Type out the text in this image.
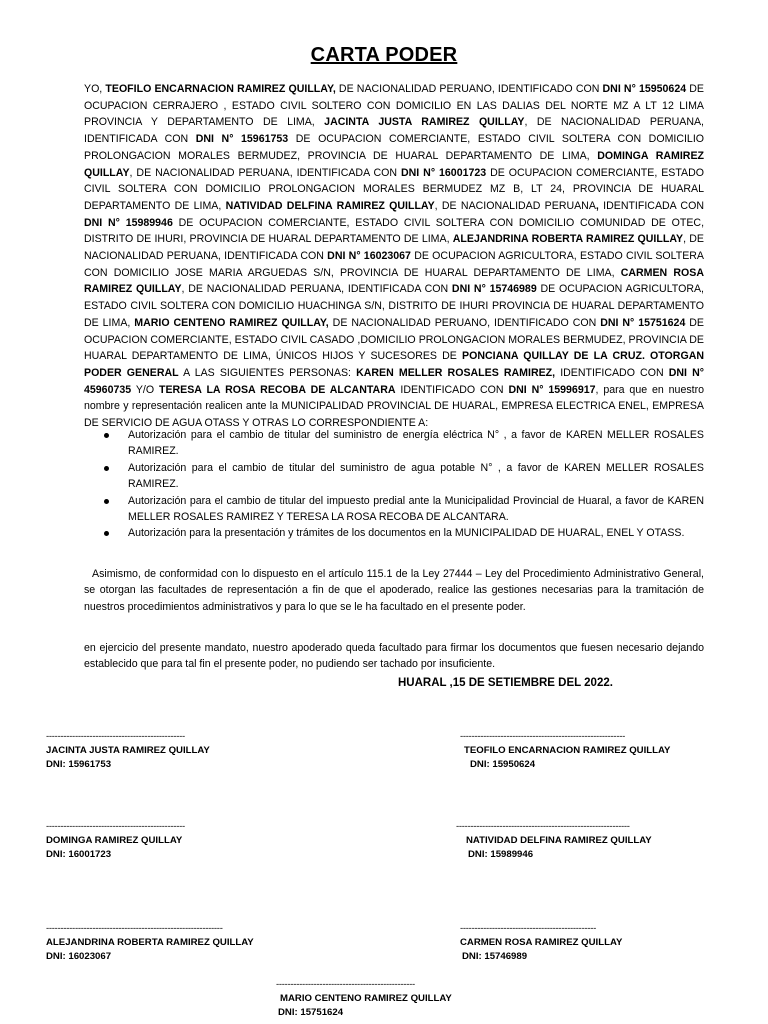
CARTA PODER

YO, TEOFILO ENCARNACION RAMIREZ QUILLAY, DE NACIONALIDAD PERUANO, IDENTIFICADO CON DNI N° 15950624 DE OCUPACION CERRAJERO , ESTADO CIVIL SOLTERO CON DOMICILIO EN LAS DALIAS DEL NORTE MZ A LT 12 LIMA PROVINCIA Y DEPARTAMENTO DE LIMA, JACINTA JUSTA RAMIREZ QUILLAY, DE NACIONALIDAD PERUANA, IDENTIFICADA CON DNI N° 15961753 DE OCUPACION COMERCIANTE, ESTADO CIVIL SOLTERA CON DOMICILIO PROLONGACION MORALES BERMUDEZ, PROVINCIA DE HUARAL DEPARTAMENTO DE LIMA, DOMINGA RAMIREZ QUILLAY, DE NACIONALIDAD PERUANA, IDENTIFICADA CON DNI N° 16001723 DE OCUPACION COMERCIANTE, ESTADO CIVIL SOLTERA CON DOMICILIO PROLONGACION MORALES BERMUDEZ MZ B, LT 24, PROVINCIA DE HUARAL DEPARTAMENTO DE LIMA, NATIVIDAD DELFINA RAMIREZ QUILLAY, DE NACIONALIDAD PERUANA, IDENTIFICADA CON DNI N° 15989946 DE OCUPACION COMERCIANTE, ESTADO CIVIL SOLTERA CON DOMICILIO COMUNIDAD DE OTEC, DISTRITO DE IHURI, PROVINCIA DE HUARAL DEPARTAMENTO DE LIMA, ALEJANDRINA ROBERTA RAMIREZ QUILLAY, DE NACIONALIDAD PERUANA, IDENTIFICADA CON DNI N° 16023067 DE OCUPACION AGRICULTORA, ESTADO CIVIL SOLTERA CON DOMICILIO JOSE MARIA ARGUEDAS S/N, PROVINCIA DE HUARAL DEPARTAMENTO DE LIMA, CARMEN ROSA RAMIREZ QUILLAY, DE NACIONALIDAD PERUANA, IDENTIFICADA CON DNI N° 15746989 DE OCUPACION AGRICULTORA, ESTADO CIVIL SOLTERA CON DOMICILIO HUACHINGA S/N, DISTRITO DE IHURI PROVINCIA DE HUARAL DEPARTAMENTO DE LIMA, MARIO CENTENO RAMIREZ QUILLAY, DE NACIONALIDAD PERUANO, IDENTIFICADO CON DNI N° 15751624 DE OCUPACION COMERCIANTE, ESTADO CIVIL CASADO ,DOMICILIO PROLONGACION MORALES BERMUDEZ, PROVINCIA DE HUARAL DEPARTAMENTO DE LIMA, ÚNICOS HIJOS Y SUCESORES DE PONCIANA QUILLAY DE LA CRUZ. OTORGAN PODER GENERAL A LAS SIGUIENTES PERSONAS: KAREN MELLER ROSALES RAMIREZ, IDENTIFICADO CON DNI N° 45960735 Y/O TERESA LA ROSA RECOBA DE ALCANTARA IDENTIFICADO CON DNI N° 15996917, para que en nuestro nombre y representación realicen ante la MUNICIPALIDAD PROVINCIAL DE HUARAL, EMPRESA ELECTRICA ENEL, EMPRESA DE SERVICIO DE AGUA OTASS Y OTRAS LO CORRESPONDIENTE A:

Autorización para el cambio de titular del suministro de energía eléctrica N° , a favor de KAREN MELLER ROSALES RAMIREZ.
Autorización para el cambio de titular del suministro de agua potable N° , a favor de KAREN MELLER ROSALES RAMIREZ.
Autorización para el cambio de titular del impuesto predial ante la Municipalidad Provincial de Huaral, a favor de KAREN MELLER ROSALES RAMIREZ Y TERESA LA ROSA RECOBA DE ALCANTARA.
Autorización para la presentación y trámites de los documentos en la MUNICIPALIDAD DE HUARAL, ENEL Y OTASS.
Asimismo, de conformidad con lo dispuesto en el artículo 115.1 de la Ley 27444 – Ley del Procedimiento Administrativo General, se otorgan las facultades de representación a fin de que el apoderado, realice las gestiones necesarias para la tramitación de nuestros procedimientos administrativos y para lo que se le ha facultado en el presente poder.
en ejercicio del presente mandato, nuestro apoderado queda facultado para firmar los documentos que fuesen necesario dejando establecido que para tal fin el presente poder, no pudiendo ser tachado por insuficiente.
HUARAL ,15 DE SETIEMBRE DEL 2022.
------------------------------------------------
JACINTA JUSTA RAMIREZ QUILLAY
DNI: 15961753
---------------------------------------------------------
TEOFILO ENCARNACION RAMIREZ QUILLAY
DNI: 15950624
------------------------------------------------
DOMINGA RAMIREZ QUILLAY
DNI: 16001723
------------------------------------------------------------
NATIVIDAD DELFINA RAMIREZ QUILLAY
DNI: 15989946
-------------------------------------------------------------
ALEJANDRINA ROBERTA RAMIREZ QUILLAY
DNI: 16023067
-----------------------------------------------
CARMEN ROSA RAMIREZ QUILLAY
DNI: 15746989
------------------------------------------------
MARIO CENTENO RAMIREZ QUILLAY
DNI: 15751624
